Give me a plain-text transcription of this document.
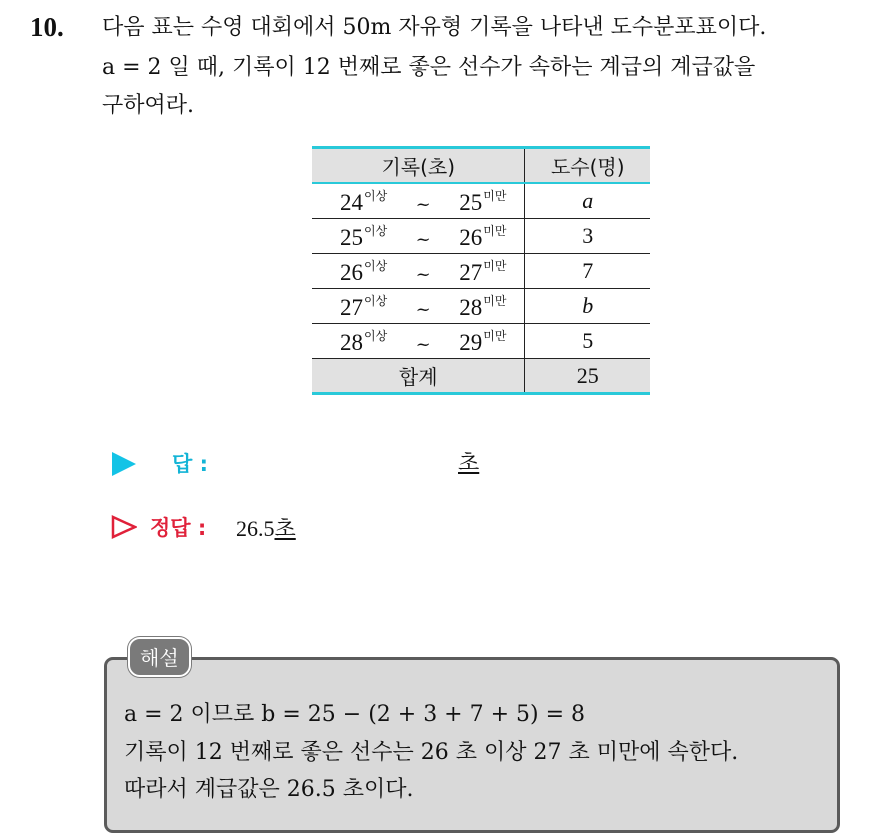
10. 다음 표는 수영 대회에서 50m 자유형 기록을 나타낸 도수분포표이다.
a = 2 일 때, 기록이 12 번째로 좋은 선수가 속하는 계급의 계급값을
구하여라.
기록(초)	도수(명)

$24^{이상}$ ~ $25^{미만}$	a

$25^{이상}$ ~ $26^{미만}$	3

$26^{이상}$ ~ $27^{미만}$	7

$27^{이상}$ ~ $28^{미만}$	b

$28^{이상}$ ~ $29^{미만}$	5
합계	25
답 :	초
정답 : 26.5초
해설
a = 2 이므로 b = 25 − (2 + 3 + 7 + 5) = 8
기록이 12 번째로 좋은 선수는 26 초 이상 27 초 미만에 속한다.
따라서 계급값은 26.5 초이다.
